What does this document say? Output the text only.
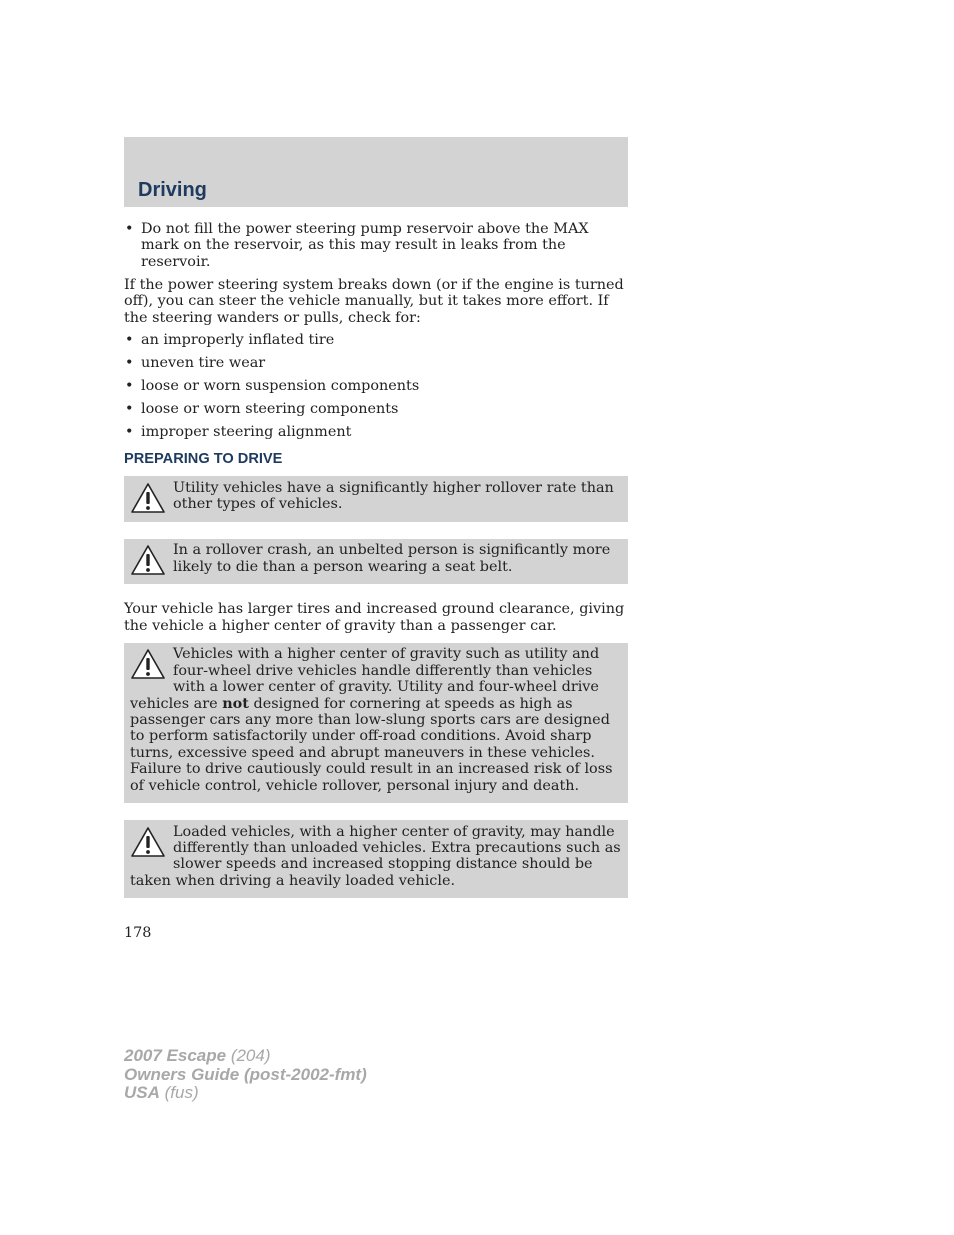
Driving
• Do not fill the power steering pump reservoir above the MAX mark on the reservoir, as this may result in leaks from the reservoir.

If the power steering system breaks down (or if the engine is turned off), you can steer the vehicle manually, but it takes more effort. If the steering wanders or pulls, check for:

• an improperly inflated tire
• uneven tire wear
• loose or worn suspension components
• loose or worn steering components
• improper steering alignment
PREPARING TO DRIVE

Utility vehicles have a significantly higher rollover rate than other types of vehicles.

In a rollover crash, an unbelted person is significantly more likely to die than a person wearing a seat belt.

Your vehicle has larger tires and increased ground clearance, giving the vehicle a higher center of gravity than a passenger car.

Vehicles with a higher center of gravity such as utility and four-wheel drive vehicles handle differently than vehicles with a lower center of gravity. Utility and four-wheel drive vehicles are not designed for cornering at speeds as high as passenger cars any more than low-slung sports cars are designed to perform satisfactorily under off-road conditions. Avoid sharp turns, excessive speed and abrupt maneuvers in these vehicles. Failure to drive cautiously could result in an increased risk of loss of vehicle control, vehicle rollover, personal injury and death.

Loaded vehicles, with a higher center of gravity, may handle differently than unloaded vehicles. Extra precautions such as slower speeds and increased stopping distance should be taken when driving a heavily loaded vehicle.

178
2007 Escape (204)
Owners Guide (post-2002-fmt)
USA (fus)
